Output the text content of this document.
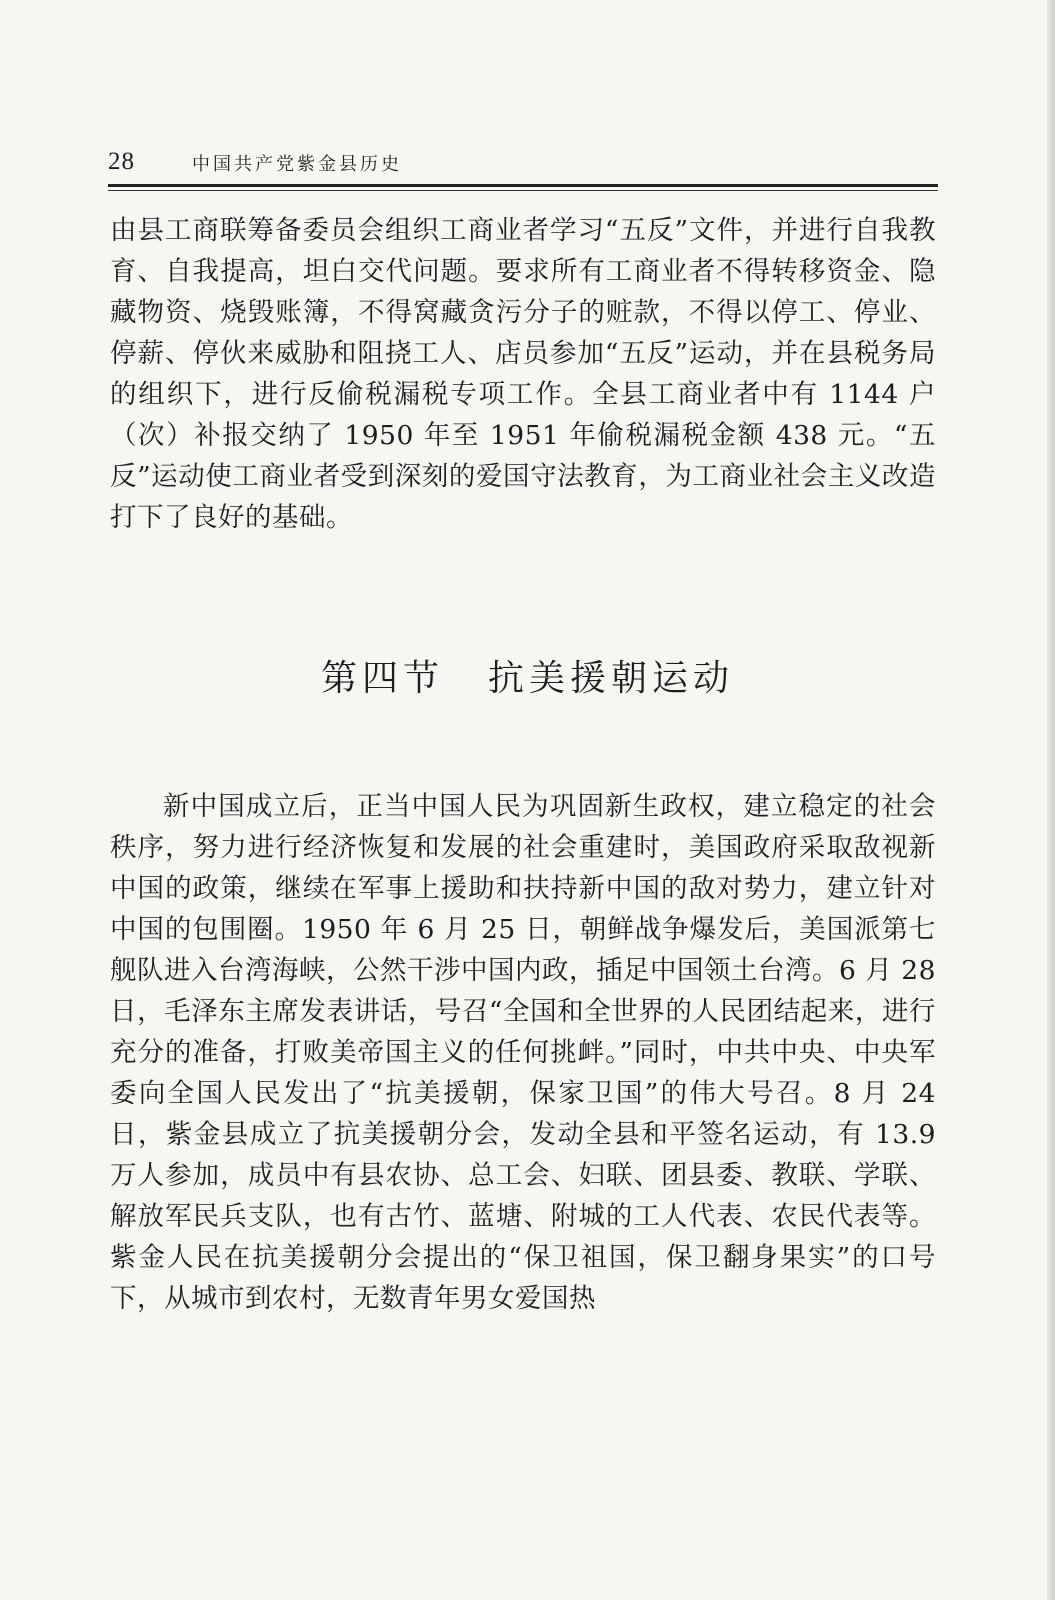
28	中国共产党紫金县历史
由县工商联筹备委员会组织工商业者学习“五反”文件，并进行自我教育、自我提高，坦白交代问题。要求所有工商业者不得转移资金、隐藏物资、烧毁账簿，不得窝藏贪污分子的赃款，不得以停工、停业、停薪、停伙来威胁和阻挠工人、店员参加“五反”运动，并在县税务局的组织下，进行反偷税漏税专项工作。全县工商业者中有 1144 户（次）补报交纳了 1950 年至 1951 年偷税漏税金额 438 元。“五反”运动使工商业者受到深刻的爱国守法教育，为工商业社会主义改造打下了良好的基础。
第四节 抗美援朝运动
新中国成立后，正当中国人民为巩固新生政权，建立稳定的社会秩序，努力进行经济恢复和发展的社会重建时，美国政府采取敌视新中国的政策，继续在军事上援助和扶持新中国的敌对势力，建立针对中国的包围圈。1950 年 6 月 25 日，朝鲜战争爆发后，美国派第七舰队进入台湾海峡，公然干涉中国内政，插足中国领土台湾。6 月 28 日，毛泽东主席发表讲话，号召“全国和全世界的人民团结起来，进行充分的准备，打败美帝国主义的任何挑衅。”同时，中共中央、中央军委向全国人民发出了“抗美援朝，保家卫国”的伟大号召。8 月 24 日，紫金县成立了抗美援朝分会，发动全县和平签名运动，有 13.9 万人参加，成员中有县农协、总工会、妇联、团县委、教联、学联、解放军民兵支队，也有古竹、蓝塘、附城的工人代表、农民代表等。紫金人民在抗美援朝分会提出的“保卫祖国，保卫翻身果实”的口号下，从城市到农村，无数青年男女爱国热
